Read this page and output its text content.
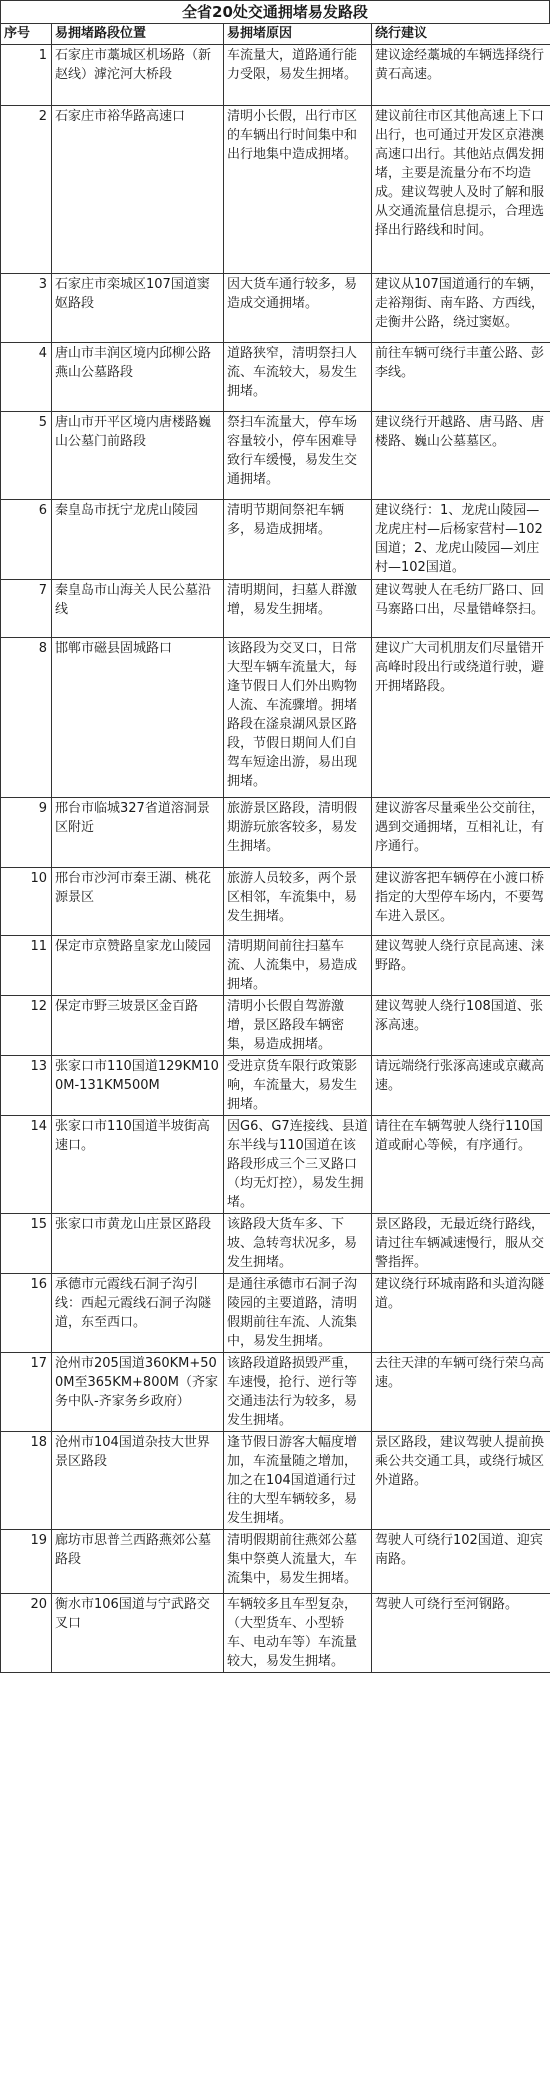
全省20处交通拥堵易发路段
序号	易拥堵路段位置	易拥堵原因	绕行建议
1	石家庄市藁城区机场路（新赵线）滹沱河大桥段	车流量大，道路通行能力受限，易发生拥堵。	建议途经藁城的车辆选择绕行黄石高速。
2	石家庄市裕华路高速口	清明小长假，出行市区的车辆出行时间集中和出行地集中造成拥堵。	建议前往市区其他高速上下口出行，也可通过开发区京港澳高速口出行。其他站点偶发拥堵，主要是流量分布不均造成。建议驾驶人及时了解和服从交通流量信息提示，合理选择出行路线和时间。
3	石家庄市栾城区107国道窦妪路段	因大货车通行较多，易造成交通拥堵。	建议从107国道通行的车辆，走裕翔街、南车路、方西线，走衡井公路，绕过窦妪。
4	唐山市丰润区境内邱柳公路燕山公墓路段	道路狭窄，清明祭扫人流、车流较大，易发生拥堵。	前往车辆可绕行丰董公路、彭李线。
5	唐山市开平区境内唐楼路巍山公墓门前路段	祭扫车流量大，停车场容量较小，停车困难导致行车缓慢，易发生交通拥堵。	建议绕行开越路、唐马路、唐楼路、巍山公墓墓区。
6	秦皇岛市抚宁龙虎山陵园	清明节期间祭祀车辆多，易造成拥堵。	建议绕行：1、龙虎山陵园—龙虎庄村—后杨家营村—102国道；2、龙虎山陵园—刘庄村—102国道。
7	秦皇岛市山海关人民公墓沿线	清明期间，扫墓人群激增，易发生拥堵。	建议驾驶人在毛纺厂路口、回马寨路口出，尽量错峰祭扫。
8	邯郸市磁县固城路口	该路段为交叉口，日常大型车辆车流量大，每逢节假日人们外出购物人流、车流骤增。拥堵路段在滏泉湖风景区路段，节假日期间人们自驾车短途出游，易出现拥堵。	建议广大司机朋友们尽量错开高峰时段出行或绕道行驶，避开拥堵路段。
9	邢台市临城327省道溶洞景区附近	旅游景区路段，清明假期游玩旅客较多，易发生拥堵。	建议游客尽量乘坐公交前往，遇到交通拥堵，互相礼让，有序通行。
10	邢台市沙河市秦王湖、桃花源景区	旅游人员较多，两个景区相邻，车流集中，易发生拥堵。	建议游客把车辆停在小渡口桥指定的大型停车场内，不要驾车进入景区。
11	保定市京赞路皇家龙山陵园	清明期间前往扫墓车流、人流集中，易造成拥堵。	建议驾驶人绕行京昆高速、涞野路。
12	保定市野三坡景区金百路	清明小长假自驾游激增，景区路段车辆密集，易造成拥堵。	建议驾驶人绕行108国道、张涿高速。
13	张家口市110国道129KM100M-131KM500M	受进京货车限行政策影响，车流量大，易发生拥堵。	请远端绕行张涿高速或京藏高速。
14	张家口市110国道半坡街高速口。	因G6、G7连接线、县道东半线与110国道在该路段形成三个三叉路口（均无灯控），易发生拥堵。	请往在车辆驾驶人绕行110国道或耐心等候，有序通行。
15	张家口市黄龙山庄景区路段	该路段大货车多、下坡、急转弯状况多，易发生拥堵。	景区路段，无最近绕行路线，请过往车辆减速慢行，服从交警指挥。
16	承德市元霞线石洞子沟引线：西起元霞线石洞子沟隧道，东至西口。	是通往承德市石洞子沟陵园的主要道路，清明假期前往车流、人流集中，易发生拥堵。	建议绕行环城南路和头道沟隧道。
17	沧州市205国道360KM+500M至365KM+800M（齐家务中队-齐家务乡政府）	该路段道路损毁严重，车速慢，抢行、逆行等交通违法行为较多，易发生拥堵。	去往天津的车辆可绕行荣乌高速。
18	沧州市104国道杂技大世界景区路段	逢节假日游客大幅度增加，车流量随之增加，加之在104国道通行过往的大型车辆较多，易发生拥堵。	景区路段，建议驾驶人提前换乘公共交通工具，或绕行城区外道路。
19	廊坊市思普兰西路燕郊公墓路段	清明假期前往燕郊公墓集中祭奠人流量大，车流集中，易发生拥堵。	驾驶人可绕行102国道、迎宾南路。
20	衡水市106国道与宁武路交叉口	车辆较多且车型复杂，（大型货车、小型轿车、电动车等）车流量较大，易发生拥堵。	驾驶人可绕行至河钢路。
